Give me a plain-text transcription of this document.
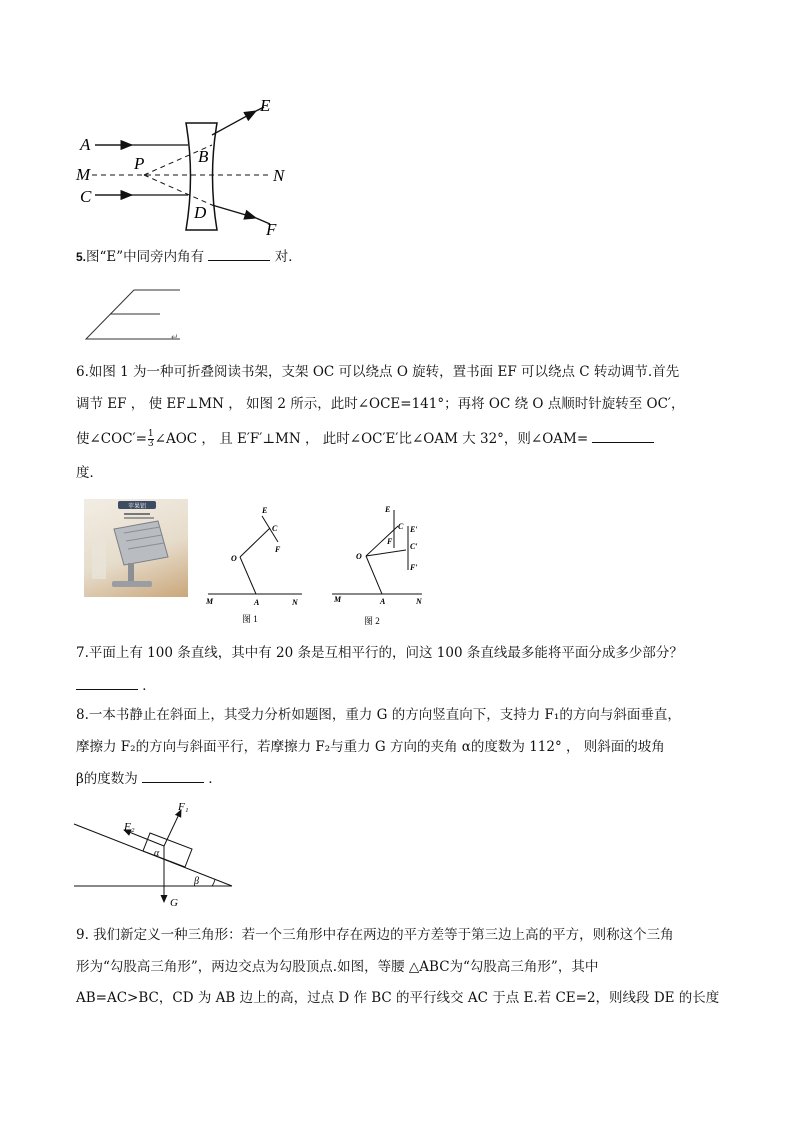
A
M
C
P	B
D
E
F
N
5.图“E”中同旁内角有	对．
↵
6.如图 1 为一种可折叠阅读书架，支架 OC 可以绕点 O 旋转，置书面 EF 可以绕点 C 转动调节.首先
调节 EF ， 使 EF⊥MN ， 如图 2 所示，此时∠OCE=141°；再将 OC 绕 O 点顺时针旋转至 OC′，
使∠COC′= $\frac{1}{3}$ ∠AOC ， 且 E′F′⊥MN ， 此时∠OC′E′比∠OAM 大 32°，则∠OAM=
度．
苹果铝	E
C
F
O
M	A	N
图 1
E
C
F
E′
C′
F′
O
M	A	N
图 2
7.平面上有 100 条直线，其中有 20 条是互相平行的，问这 100 条直线最多能将平面分成多少部分？
．
8.一本书静止在斜面上，其受力分析如题图，重力 G 的方向竖直向下，支持力 F₁的方向与斜面垂直，
摩擦力 F₂的方向与斜面平行，若摩擦力 F₂与重力 G 方向的夹角 α的度数为 112° ， 则斜面的坡角
β的度数为	．
F₁
F₂
α
β
G
9. 我们新定义一种三角形：若一个三角形中存在两边的平方差等于第三边上高的平方，则称这个三角
形为“勾股高三角形”，两边交点为勾股顶点.如图，等腰 △ABC为“勾股高三角形”，其中
AB=AC>BC，CD 为 AB 边上的高，过点 D 作 BC 的平行线交 AC 于点 E.若 CE=2，则线段 DE 的长度
